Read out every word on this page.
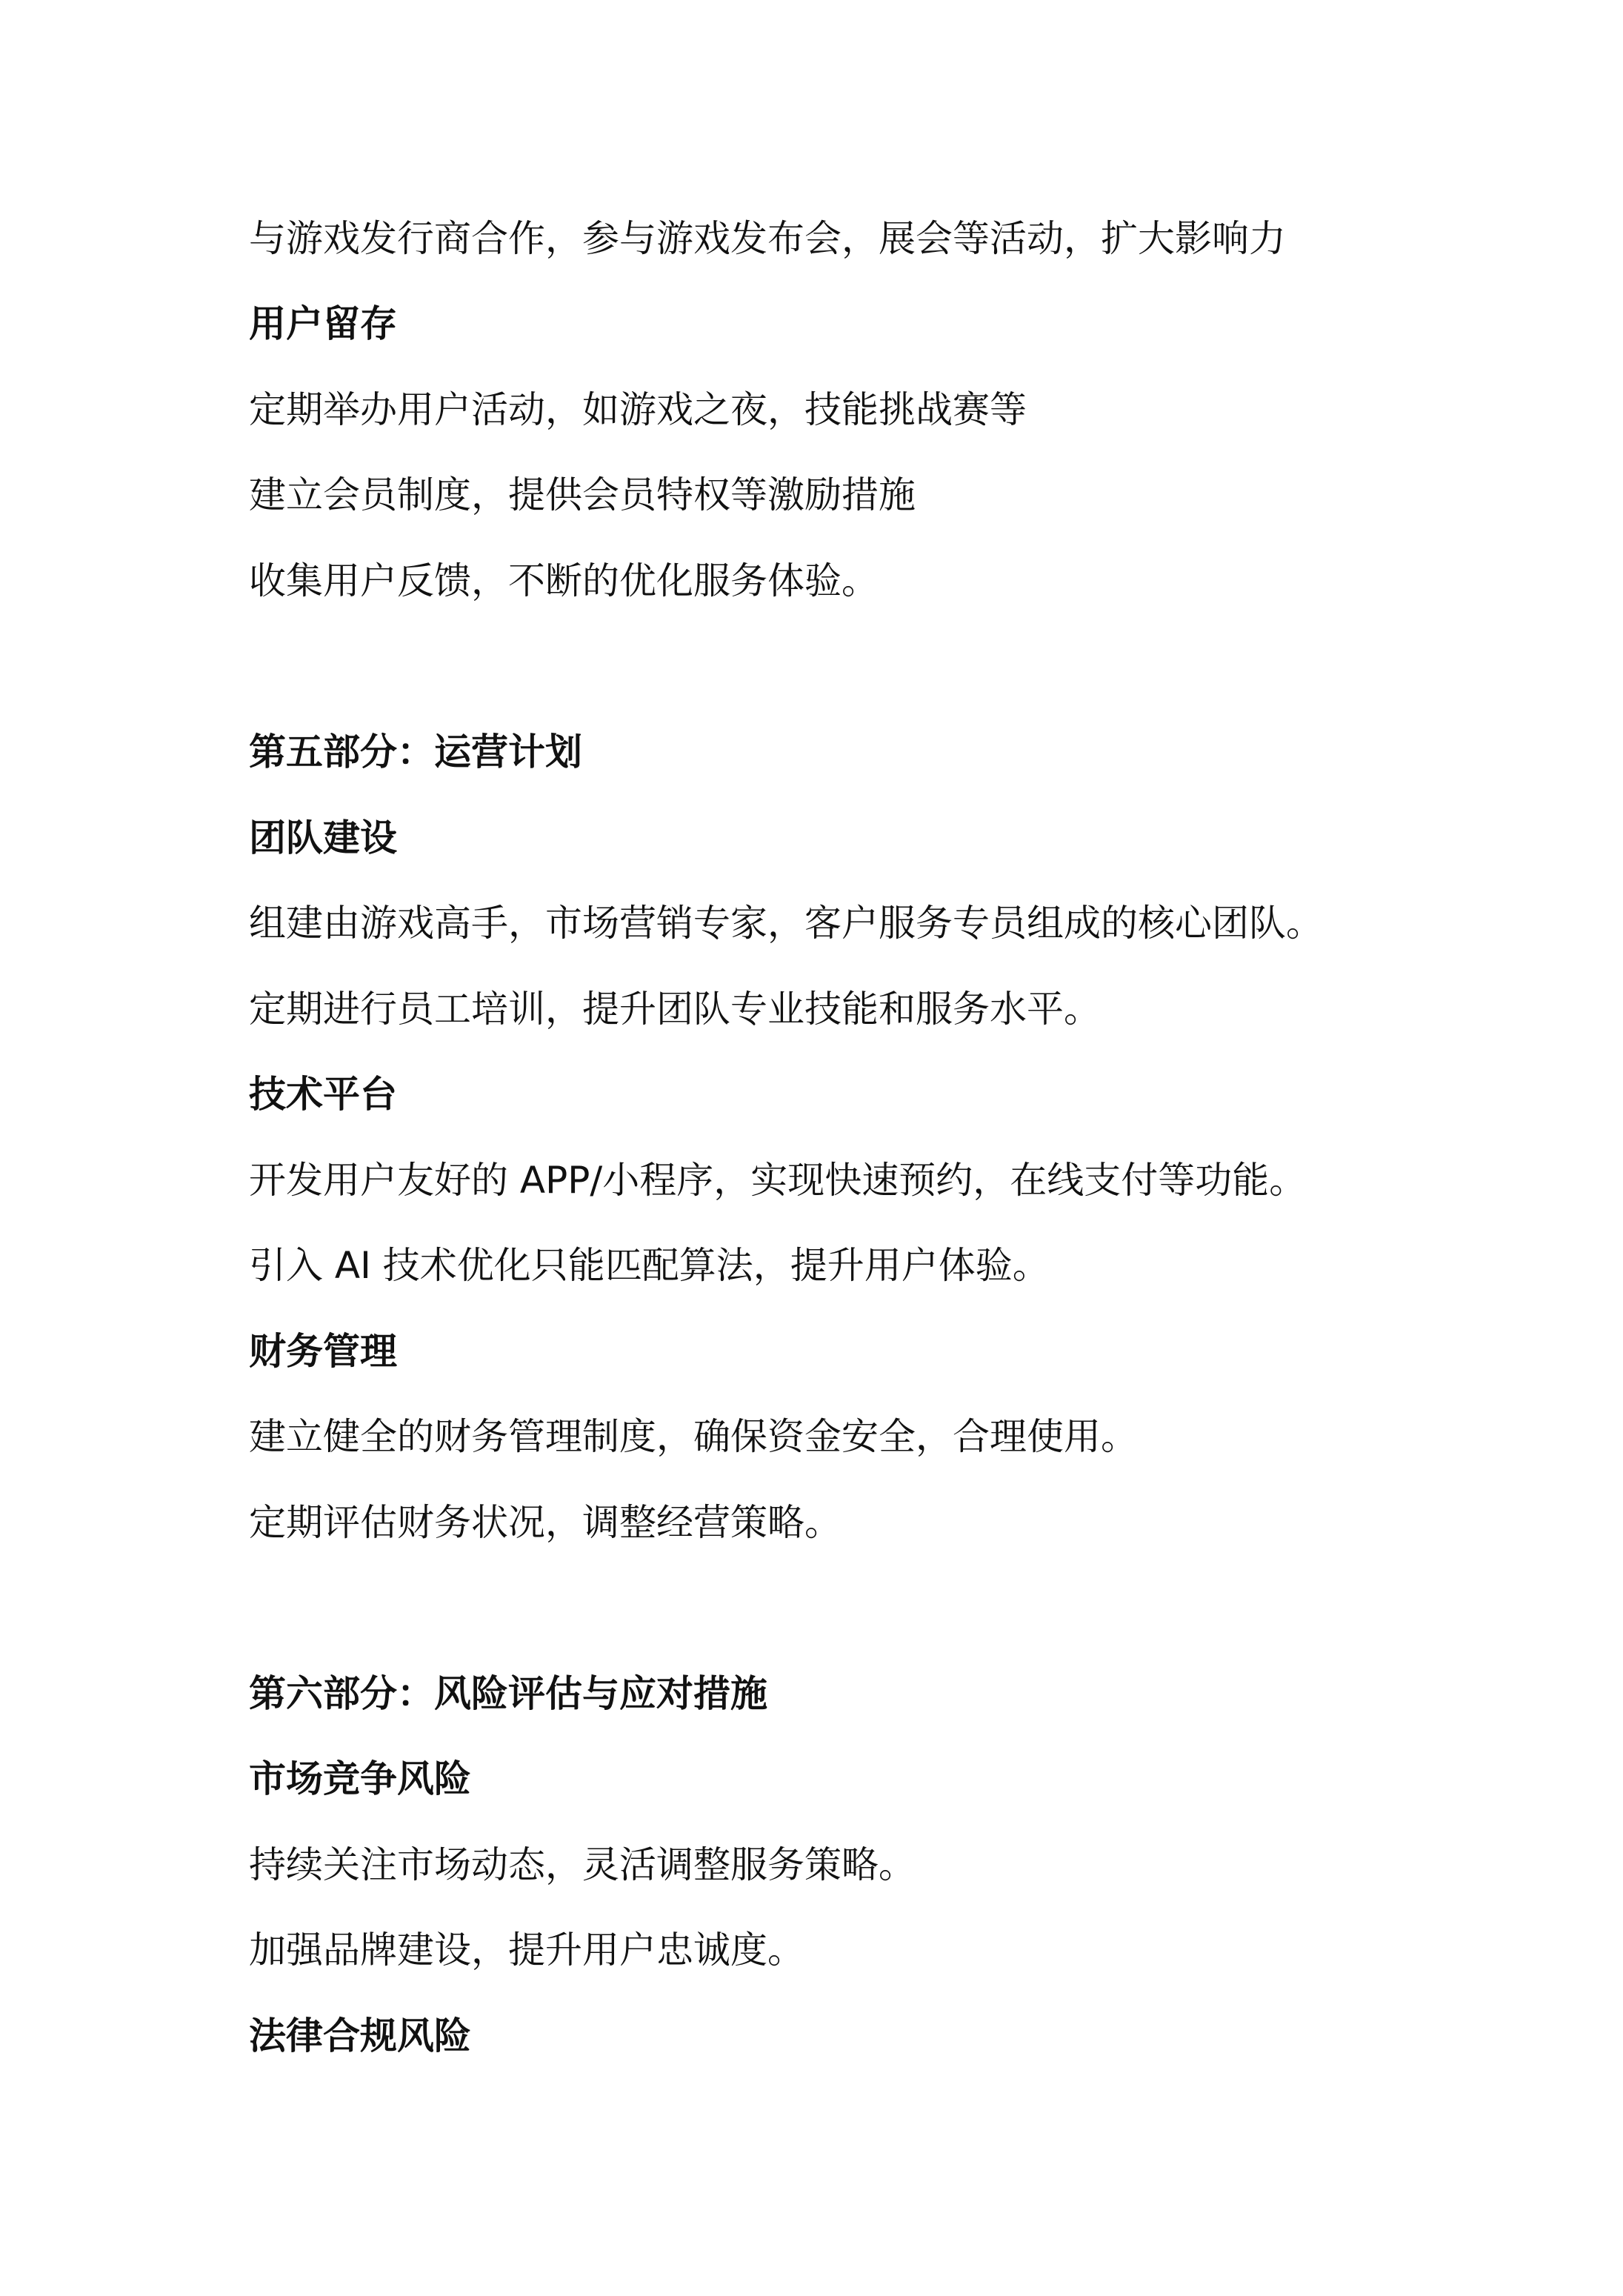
与游戏发行商合作，参与游戏发布会，展会等活动，扩大影响力
用户留存
定期举办用户活动，如游戏之夜，技能挑战赛等
建立会员制度，提供会员特权等激励措施
收集用户反馈，不断的优化服务体验。
第五部分：运营计划
团队建设
组建由游戏高手，市场营销专家，客户服务专员组成的核心团队。
定期进行员工培训，提升团队专业技能和服务水平。
技术平台
开发用户友好的 APP/小程序，实现快速预约，在线支付等功能。
引入 AI 技术优化只能匹配算法，提升用户体验。
财务管理
建立健全的财务管理制度，确保资金安全，合理使用。
定期评估财务状况，调整经营策略。
第六部分：风险评估与应对措施
市场竞争风险
持续关注市场动态，灵活调整服务策略。
加强品牌建设，提升用户忠诚度。
法律合规风险
